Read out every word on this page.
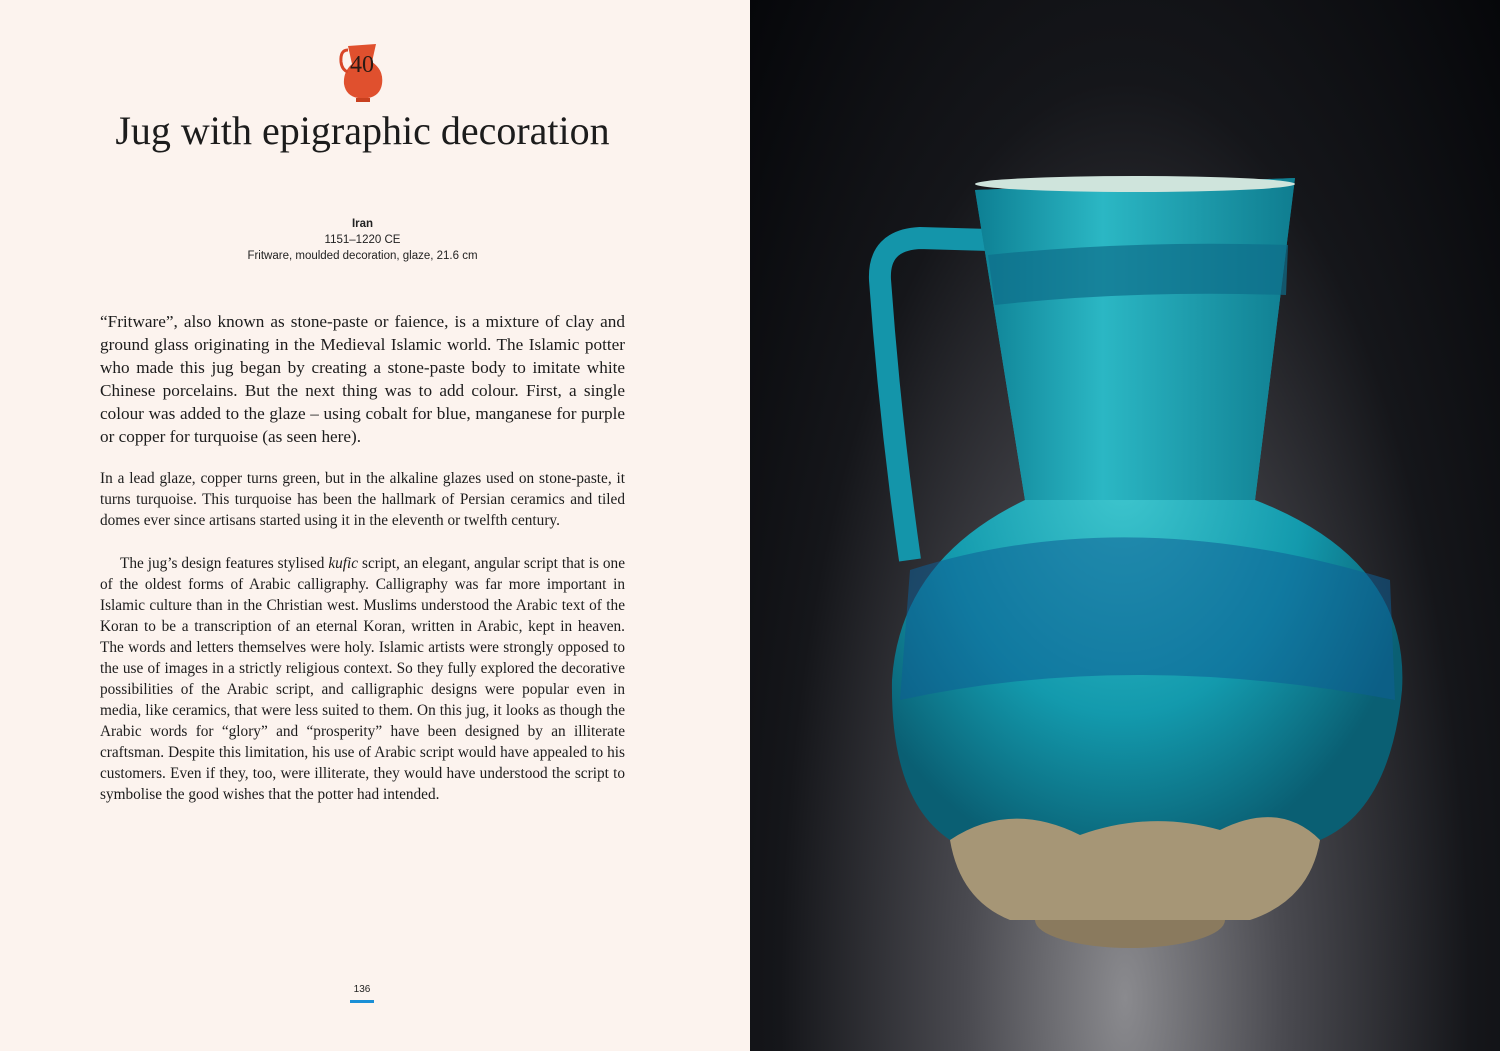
40
Jug with epigraphic decoration
Iran
1151–1220 CE
Fritware, moulded decoration, glaze, 21.6 cm

“Fritware”, also known as stone-paste or faience, is a mixture of clay and ground glass originating in the Medieval Islamic world. The Islamic potter who made this jug began by creating a stone-paste body to imitate white Chinese porcelains. But the next thing was to add colour. First, a single colour was added to the glaze – using cobalt for blue, manganese for purple or copper for turquoise (as seen here).

In a lead glaze, copper turns green, but in the alkaline glazes used on stone-paste, it turns turquoise. This turquoise has been the hallmark of Persian ceramics and tiled domes ever since artisans started using it in the eleventh or twelfth century.

The jug’s design features stylised kufic script, an elegant, angular script that is one of the oldest forms of Arabic calligraphy. Calligraphy was far more important in Islamic culture than in the Christian west. Muslims understood the Arabic text of the Koran to be a transcription of an eternal Koran, written in Arabic, kept in heaven. The words and letters themselves were holy. Islamic artists were strongly opposed to the use of images in a strictly religious context. So they fully explored the decorative possibilities of the Arabic script, and calligraphic designs were popular even in media, like ceramics, that were less suited to them. On this jug, it looks as though the Arabic words for “glory” and “prosperity” have been designed by an illiterate craftsman. Despite this limitation, his use of Arabic script would have appealed to his customers. Even if they, too, were illiterate, they would have understood the script to symbolise the good wishes that the potter had intended.

136
